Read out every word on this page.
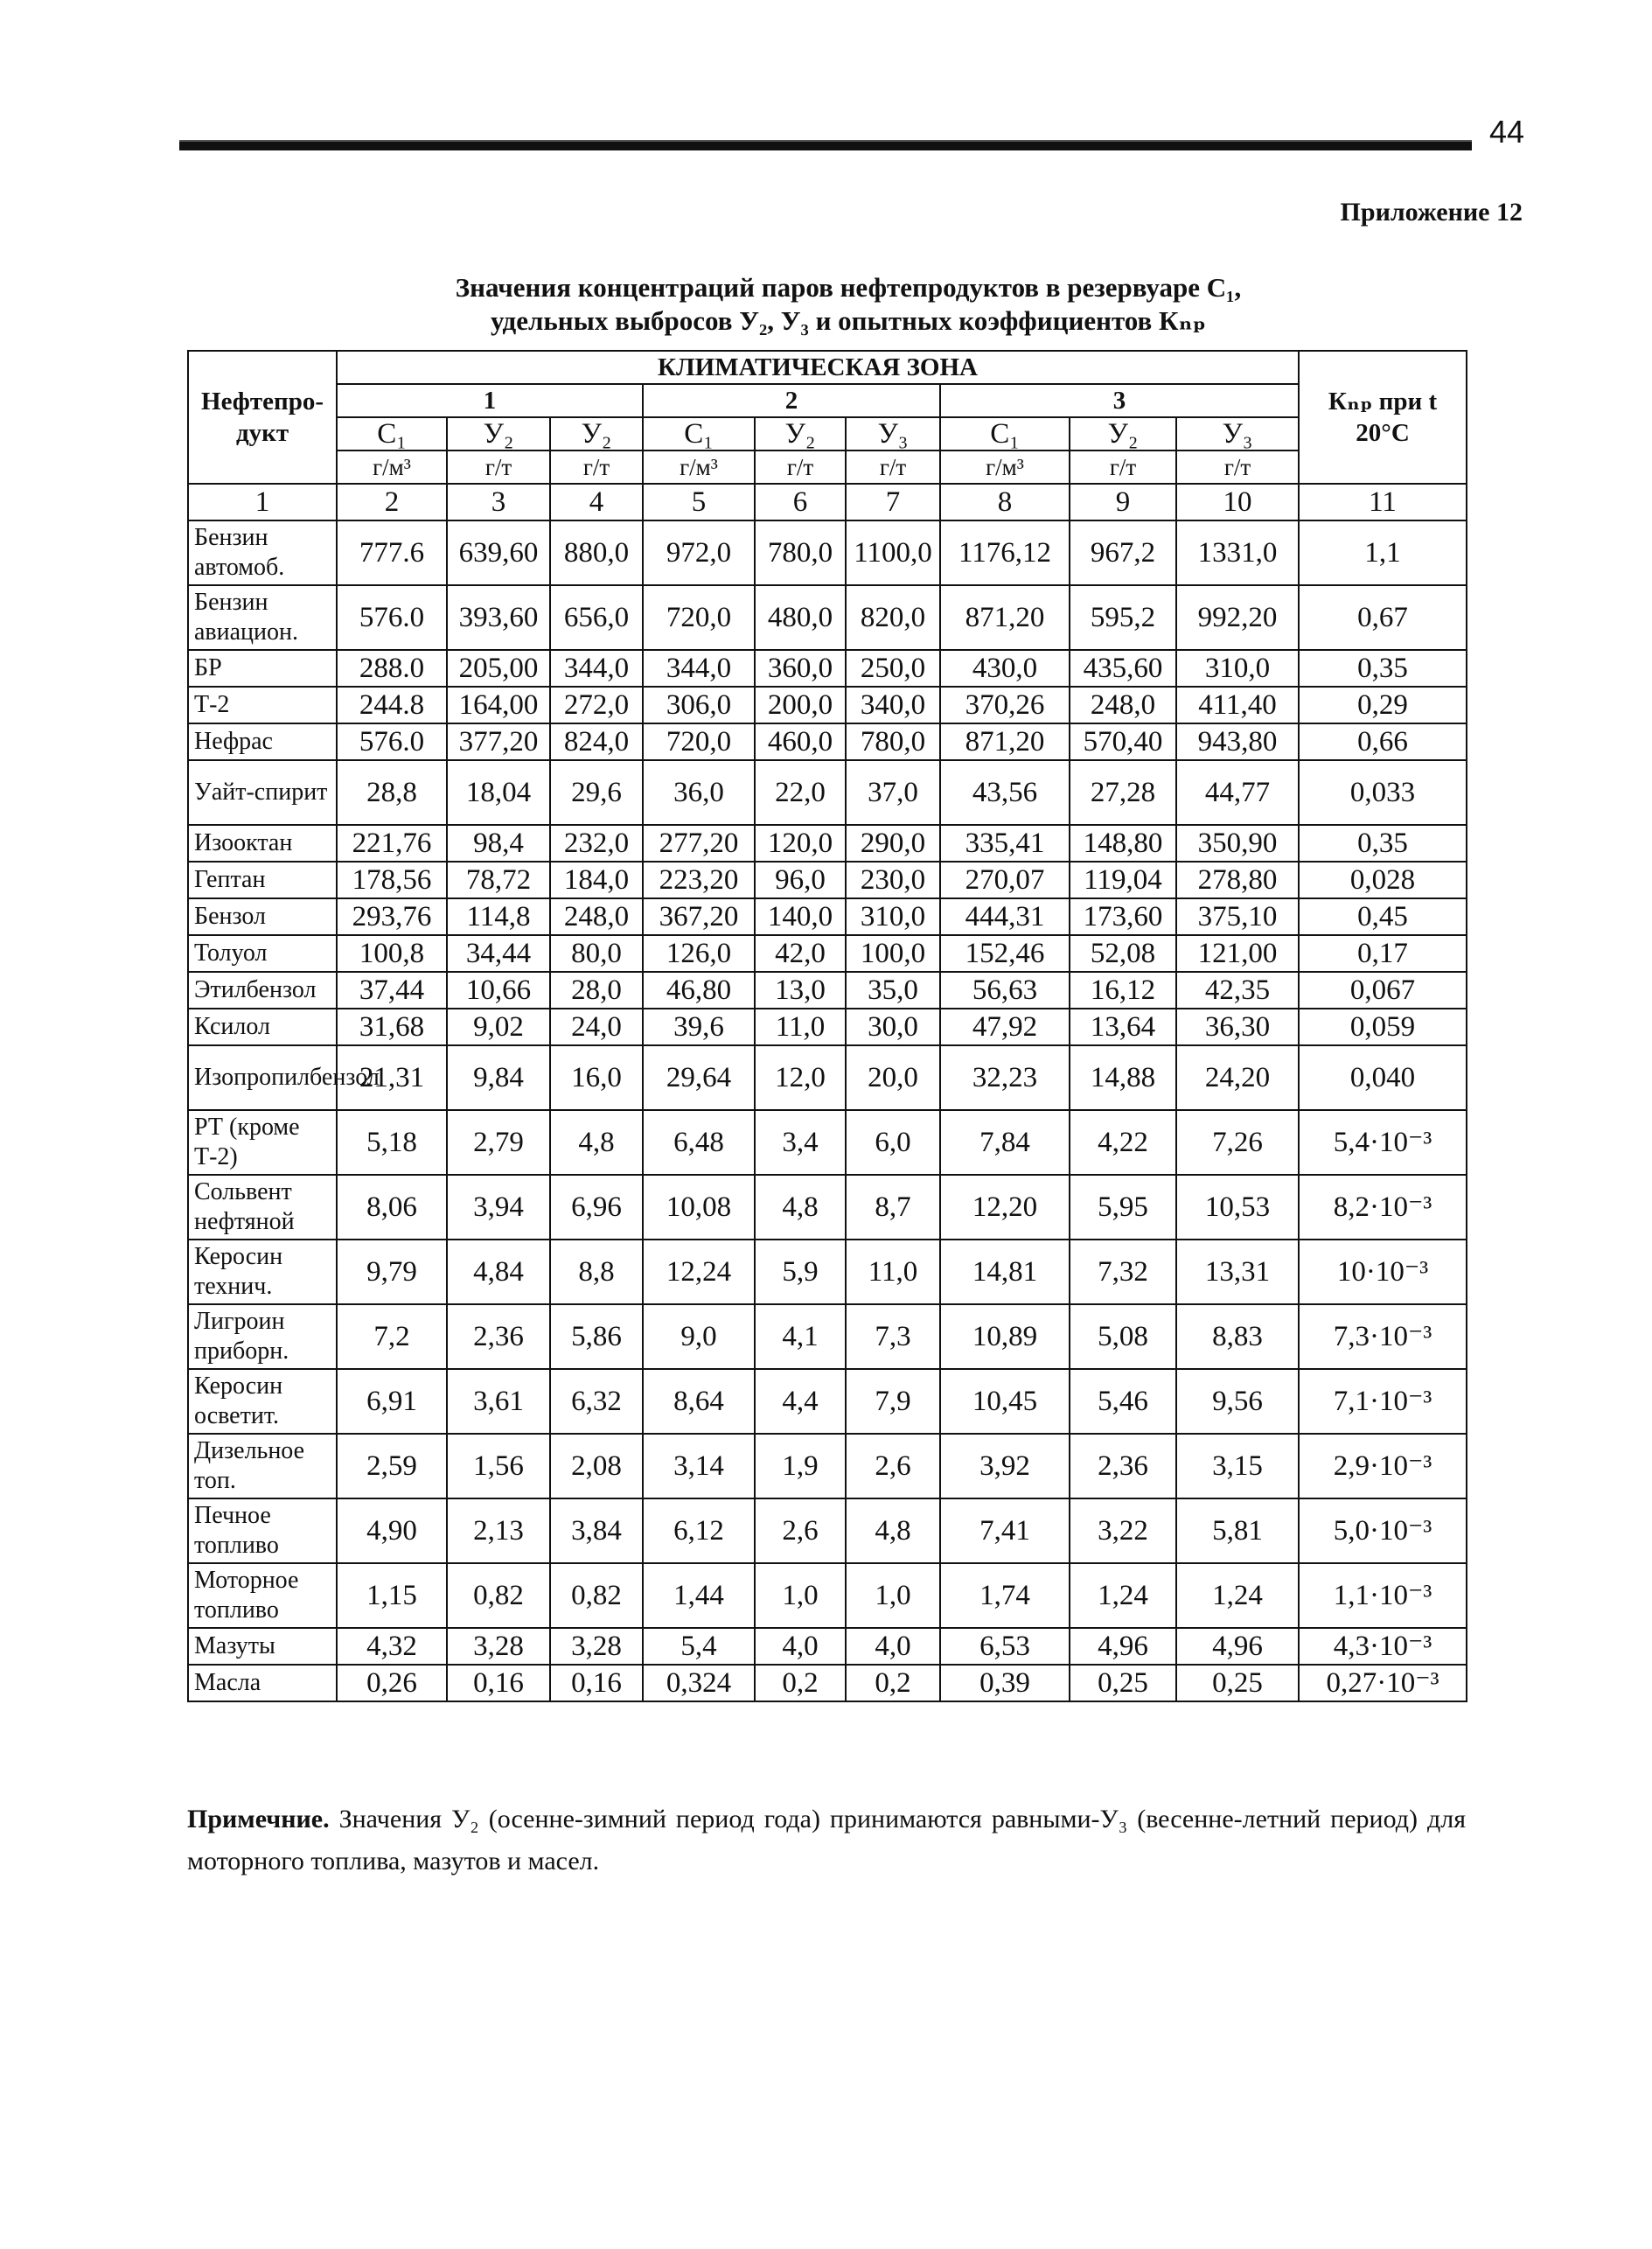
44
Приложение 12
Значения концентраций паров нефтепродуктов в резервуаре С₁,
удельных выбросов У₂, У₃ и опытных коэффициентов Кₙₚ
Нефтепро-дукт	КЛИМАТИЧЕСКАЯ ЗОНА									Кₙₚ при t 20°C
	1			2			3			
	С₁	У₂	У₂	С₁	У₂	У₃	С₁	У₂	У₃	
	г/м³	г/т	г/т	г/м³	г/т	г/т	г/м³	г/т	г/т	
1	2	3	4	5	6	7	8	9	10	11
Бензин автомоб.	777.6	639,60	880,0	972,0	780,0	1100,0	1176,12	967,2	1331,0	1,1
Бензин авиацион.	576.0	393,60	656,0	720,0	480,0	820,0	871,20	595,2	992,20	0,67
БР	288.0	205,00	344,0	344,0	360,0	250,0	430,0	435,60	310,0	0,35
Т-2	244.8	164,00	272,0	306,0	200,0	340,0	370,26	248,0	411,40	0,29
Нефрас	576.0	377,20	824,0	720,0	460,0	780,0	871,20	570,40	943,80	0,66
Уайт-спирит	28,8	18,04	29,6	36,0	22,0	37,0	43,56	27,28	44,77	0,033
Изооктан	221,76	98,4	232,0	277,20	120,0	290,0	335,41	148,80	350,90	0,35
Гептан	178,56	78,72	184,0	223,20	96,0	230,0	270,07	119,04	278,80	0,028
Бензол	293,76	114,8	248,0	367,20	140,0	310,0	444,31	173,60	375,10	0,45
Толуол	100,8	34,44	80,0	126,0	42,0	100,0	152,46	52,08	121,00	0,17
Этилбензол	37,44	10,66	28,0	46,80	13,0	35,0	56,63	16,12	42,35	0,067
Ксилол	31,68	9,02	24,0	39,6	11,0	30,0	47,92	13,64	36,30	0,059
Изопропилбензол	21,31	9,84	16,0	29,64	12,0	20,0	32,23	14,88	24,20	0,040
РТ (кроме Т-2)	5,18	2,79	4,8	6,48	3,4	6,0	7,84	4,22	7,26	5,4·10⁻³
Сольвент нефтяной	8,06	3,94	6,96	10,08	4,8	8,7	12,20	5,95	10,53	8,2·10⁻³
Керосин технич.	9,79	4,84	8,8	12,24	5,9	11,0	14,81	7,32	13,31	10·10⁻³
Лигроин приборн.	7,2	2,36	5,86	9,0	4,1	7,3	10,89	5,08	8,83	7,3·10⁻³
Керосин осветит.	6,91	3,61	6,32	8,64	4,4	7,9	10,45	5,46	9,56	7,1·10⁻³
Дизельное топ.	2,59	1,56	2,08	3,14	1,9	2,6	3,92	2,36	3,15	2,9·10⁻³
Печное топливо	4,90	2,13	3,84	6,12	2,6	4,8	7,41	3,22	5,81	5,0·10⁻³
Моторное топливо	1,15	0,82	0,82	1,44	1,0	1,0	1,74	1,24	1,24	1,1·10⁻³
Мазуты	4,32	3,28	3,28	5,4	4,0	4,0	6,53	4,96	4,96	4,3·10⁻³
Масла	0,26	0,16	0,16	0,324	0,2	0,2	0,39	0,25	0,25	0,27·10⁻³
Примечние. Значения У₂ (осенне-зимний период года) принимаются равными-У₃ (весенне-летний период) для моторного топлива, мазутов и масел.
